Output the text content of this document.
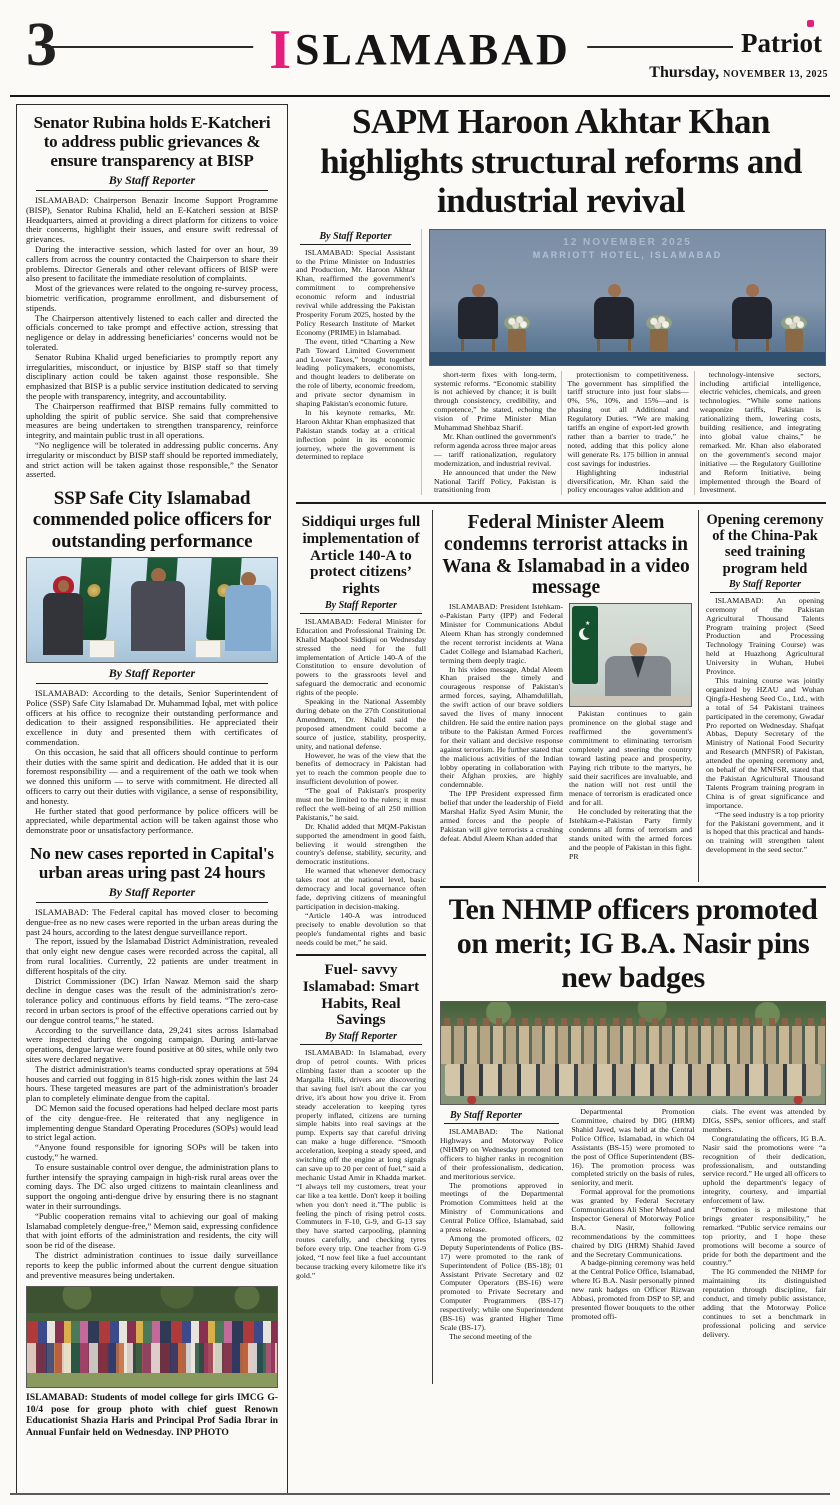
3	ISLAMABAD	Patriot
Thursday, NOVEMBER 13, 2025
Senator Rubina holds E-Katcheri to address public grievances & ensure transparency at BISP
By Staff Reporter

ISLAMABAD: Chairperson Benazir Income Support Programme (BISP), Senator Rubina Khalid, held an E-Katcheri session at BISP Headquarters, aimed at providing a direct platform for citizens to voice their concerns, highlight their issues, and ensure swift redressal of grievances.

During the interactive session, which lasted for over an hour, 39 callers from across the country contacted the Chairperson to share their problems. Director Generals and other relevant officers of BISP were also present to facilitate the immediate resolution of complaints.

Most of the grievances were related to the ongoing re-survey process, biometric verification, programme enrollment, and disbursement of stipends.

The Chairperson attentively listened to each caller and directed the officials concerned to take prompt and effective action, stressing that negligence or delay in addressing beneficiaries’ concerns would not be tolerated.

Senator Rubina Khalid urged beneficiaries to promptly report any irregularities, misconduct, or injustice by BISP staff so that timely disciplinary action could be taken against those responsible. She emphasized that BISP is a public service institution dedicated to serving the people with transparency, integrity, and accountability.

The Chairperson reaffirmed that BISP remains fully committed to upholding the spirit of public service. She said that comprehensive measures are being undertaken to strengthen transparency, reinforce integrity, and maintain public trust in all operations.

“No negligence will be tolerated in addressing public concerns. Any irregularity or misconduct by BISP staff should be reported immediately, and strict action will be taken against those responsible,” the Senator asserted.

SSP Safe City Islamabad commended police officers for outstanding performance
By Staff Reporter

ISLAMABAD: According to the details, Senior Superintendent of Police (SSP) Safe City Islamabad Dr. Muhammad Iqbal, met with police officers at his office to recognize their outstanding performance and dedication to their assigned responsibilities. He appreciated their excellence in duty and presented them with certificates of commendation.

On this occasion, he said that all officers should continue to perform their duties with the same spirit and dedication. He added that it is our foremost responsibility — and a requirement of the oath we took when we donned this uniform — to serve with commitment. He directed all officers to carry out their duties with vigilance, a sense of responsibility, and honesty.

He further stated that good performance by police officers will be appreciated, while departmental action will be taken against those who demonstrate poor or unsatisfactory performance.

No new cases reported in Capital's urban areas uring past 24 hours
By Staff Reporter

ISLAMABAD: The Federal capital has moved closer to becoming dengue-free as no new cases were reported in the urban areas during the past 24 hours, according to the latest dengue surveillance report.

The report, issued by the Islamabad District Administration, revealed that only eight new dengue cases were recorded across the capital, all from rural localities. Currently, 22 patients are under treatment in different hospitals of the city.

District Commissioner (DC) Irfan Nawaz Memon said the sharp decline in dengue cases was the result of the administration's zero-tolerance policy and continuous efforts by field teams. “The zero-case record in urban sectors is proof of the effective operations carried out by our dengue control teams,” he stated.

According to the surveillance data, 29,241 sites across Islamabad were inspected during the ongoing campaign. During anti-larvae operations, dengue larvae were found positive at 80 sites, while only two sites were declared negative.

The district administration's teams conducted spray operations at 594 houses and carried out fogging in 815 high-risk zones within the last 24 hours. These targeted measures are part of the administration's broader plan to completely eliminate dengue from the capital.

DC Memon said the focused operations had helped declare most parts of the city dengue-free. He reiterated that any negligence in implementing dengue Standard Operating Procedures (SOPs) would lead to strict legal action.

“Anyone found responsible for ignoring SOPs will be taken into custody,” he warned.

To ensure sustainable control over dengue, the administration plans to further intensify the spraying campaign in high-risk rural areas over the coming days. The DC also urged citizens to maintain cleanliness and support the ongoing anti-dengue drive by ensuring there is no stagnant water in their surroundings.

“Public cooperation remains vital to achieving our goal of making Islamabad completely dengue-free,” Memon said, expressing confidence that with joint efforts of the administration and residents, the city will soon be rid of the disease.

The district administration continues to issue daily surveillance reports to keep the public informed about the current dengue situation and preventive measures being undertaken.

ISLAMABAD: Students of model college for girls IMCG G-10/4 pose for group photo with chief guest Renown Educationist Shazia Haris and Principal Prof Sadia Ibrar in Annual Funfair held on Wednesday. INP PHOTO
SAPM Haroon Akhtar Khan highlights structural reforms and industrial revival
By Staff Reporter

ISLAMABAD: Special Assistant to the Prime Minister on Industries and Production, Mr. Haroon Akhtar Khan, reaffirmed the government's commitment to comprehensive economic reform and industrial revival while addressing the Pakistan Prosperity Forum 2025, hosted by the Policy Research Institute of Market Economy (PRIME) in Islamabad.

The event, titled “Charting a New Path Toward Limited Government and Lower Taxes,” brought together leading policymakers, economists, and thought leaders to deliberate on the role of liberty, economic freedom, and private sector dynamism in shaping Pakistan's economic future.

In his keynote remarks, Mr. Haroon Akhtar Khan emphasized that Pakistan stands today at a critical inflection point in its economic journey, where the government is determined to replace

12 NOVEMBER 2025
MARRIOTT HOTEL, ISLAMABAD

short-term fixes with long-term, systemic reforms. “Economic stability is not achieved by chance; it is built through consistency, credibility, and competence,” he stated, echoing the vision of Prime Minister Mian Muhammad Shehbaz Sharif.

Mr. Khan outlined the government's reform agenda across three major areas — tariff rationalization, regulatory modernization, and industrial revival.

He announced that under the New National Tariff Policy, Pakistan is transitioning from

protectionism to competitiveness. The government has simplified the tariff structure into just four slabs—0%, 5%, 10%, and 15%—and is phasing out all Additional and Regulatory Duties. “We are making tariffs an engine of export-led growth rather than a barrier to trade,” he noted, adding that this policy alone will generate Rs. 175 billion in annual cost savings for industries.

Highlighting industrial diversification, Mr. Khan said the policy encourages value addition and

technology-intensive sectors, including artificial intelligence, electric vehicles, chemicals, and green technologies. “While some nations weaponize tariffs, Pakistan is rationalizing them, lowering costs, building resilience, and integrating into global value chains,” he remarked. Mr. Khan also elaborated on the government's second major initiative — the Regulatory Guillotine and Reform Initiative, being implemented through the Board of Investment.

Siddiqui urges full implementation of Article 140-A to protect citizens’ rights
By Staff Reporter

ISLAMABAD: Federal Minister for Education and Professional Training Dr. Khalid Maqbool Siddiqui on Wednesday stressed the need for the full implementation of Article 140-A of the Constitution to ensure devolution of powers to the grassroots level and safeguard the democratic and economic rights of the people.

Speaking in the National Assembly during debate on the 27th Constitutional Amendment, Dr. Khalid said the proposed amendment could become a source of justice, stability, prosperity, unity, and national defense.

However, he was of the view that the benefits of democracy in Pakistan had yet to reach the common people due to insufficient devolution of power.

“The goal of Pakistan's prosperity must not be limited to the rulers; it must reflect the well-being of all 250 million Pakistanis,” he said.

Dr. Khalid added that MQM-Pakistan supported the amendment in good faith, believing it would strengthen the country's defense, stability, security, and democratic institutions.

He warned that whenever democracy takes root at the national level, basic democracy and local governance often fade, depriving citizens of meaningful participation in decision-making.

“Article 140-A was introduced precisely to enable devolution so that people's fundamental rights and basic needs could be met,” he said.

Fuel- savvy Islamabad: Smart Habits, Real Savings
By Staff Reporter

ISLAMABAD: In Islamabad, every drop of petrol counts. With prices climbing faster than a scooter up the Margalla Hills, drivers are discovering that saving fuel isn't about the car you drive, it's about how you drive it. From steady acceleration to keeping tyres properly inflated, citizens are turning simple habits into real savings at the pump. Experts say that careful driving can make a huge difference. “Smooth acceleration, keeping a steady speed, and switching off the engine at long signals can save up to 20 per cent of fuel,” said a mechanic Ustad Amir in Khadda market. “I always tell my customers, treat your car like a tea kettle. Don't keep it boiling when you don't need it.”The public is feeling the pinch of rising petrol costs. Commuters in F-10, G-9, and G-13 say they have started carpooling, planning routes carefully, and checking tyres before every trip. One teacher from G-9 joked, “I now feel like a fuel accountant because tracking every kilometre like it's gold.”

Federal Minister Aleem condemns terrorist attacks in Wana & Islamabad in a video message

ISLAMABAD: President Istehkam-e-Pakistan Party (IPP) and Federal Minister for Communications Abdul Aleem Khan has strongly condemned the recent terrorist incidents at Wana Cadet College and Islamabad Kacheri, terming them deeply tragic.

In his video message, Abdal Aleem Khan praised the timely and courageous response of Pakistan's armed forces, saying, Alhamdulillah, the swift action of our brave soldiers saved the lives of many innocent children. He said the entire nation pays tribute to the Pakistan Armed Forces for their valiant and decisive response against terrorism. He further stated that the malicious activities of the Indian lobby operating in collaboration with their Afghan proxies, are highly condemnable.

The IPP President expressed firm belief that under the leadership of Field Marshal Hafiz Syed Asim Munir, the armed forces and the people of Pakistan will give terrorists a crushing defeat. Abdul Aleem Khan added that

★

Pakistan continues to gain prominence on the global stage and reaffirmed the government's commitment to eliminating terrorism completely and steering the country toward lasting peace and prosperity, Paying rich tribute to the martyrs, he said their sacrifices are invaluable, and the nation will not rest until the menace of terrorism is eradicated once and for all.

He concluded by reiterating that the Istehkam-e-Pakistan Party firmly condemns all forms of terrorism and stands united with the armed forces and the people of Pakistan in this fight. PR

Opening ceremony of the China-Pak seed training program held
By Staff Reporter

ISLAMABAD: An opening ceremony of the Pakistan Agricultural Thousand Talents Program training project (Seed Production and Processing Technology Training Course) was held at Huazhong Agricultural University in Wuhan, Hubei Province.

This training course was jointly organized by HZAU and Wuhan Qingfa-Hesheng Seed Co., Ltd., with a total of 54 Pakistani trainees participated in the ceremony, Gwadar Pro reported on Wednesday. Shafqat Abbas, Deputy Secretary of the Ministry of National Food Security and Research (MNFSR) of Pakistan, attended the opening ceremony and, on behalf of the MNFSR, stated that the Pakistan Agricultural Thousand Talents Program training program in China is of great significance and importance.

“The seed industry is a top priority for the Pakistani government, and it is hoped that this practical and hands-on training will strengthen talent development in the seed sector.”

Ten NHMP officers promoted on merit; IG B.A. Nasir pins new badges
By Staff Reporter

ISLAMABAD: The National Highways and Motorway Police (NHMP) on Wednesday promoted ten officers to higher ranks in recognition of their professionalism, dedication, and meritorious service.

The promotions approved in meetings of the Departmental Promotion Committees held at the Ministry of Communications and Central Police Office, Islamabad, said a press release.

Among the promoted officers, 02 Deputy Superintendents of Police (BS-17) were promoted to the rank of Superintendent of Police (BS-18); 01 Assistant Private Secretary and 02 Computer Operators (BS-16) were promoted to Private Secretary and Computer Programmers (BS-17) respectively; while one Superintendent (BS-16) was granted Higher Time Scale (BS-17).

The second meeting of the

Departmental Promotion Committee, chaired by DIG (HRM) Shahid Javed, was held at the Central Police Office, Islamabad, in which 04 Assistants (BS-15) were promoted to the post of Office Superintendent (BS-16). The promotion process was completed strictly on the basis of rules, seniority, and merit.

Formal approval for the promotions was granted by Federal Secretary Communications Ali Sher Mehsud and Inspector General of Motorway Police B.A. Nasir, following recommendations by the committees chaired by DIG (HRM) Shahid Javed and the Secretary Communications.

A badge-pinning ceremony was held at the Central Police Office, Islamabad, where IG B.A. Nasir personally pinned new rank badges on Officer Rizwan Abbasi, promoted from DSP to SP, and presented flower bouquets to the other promoted offi-

cials. The event was attended by DIGs, SSPs, senior officers, and staff members.

Congratulating the officers, IG B.A. Nasir said the promotions were “a recognition of their dedication, professionalism, and outstanding service record.” He urged all officers to uphold the department's legacy of integrity, courtesy, and impartial enforcement of law.

“Promotion is a milestone that brings greater responsibility,” he remarked. “Public service remains our top priority, and I hope these promotions will become a source of pride for both the department and the country.”

The IG commended the NHMP for maintaining its distinguished reputation through discipline, fair conduct, and timely public assistance, adding that the Motorway Police continues to set a benchmark in professional policing and service delivery.
